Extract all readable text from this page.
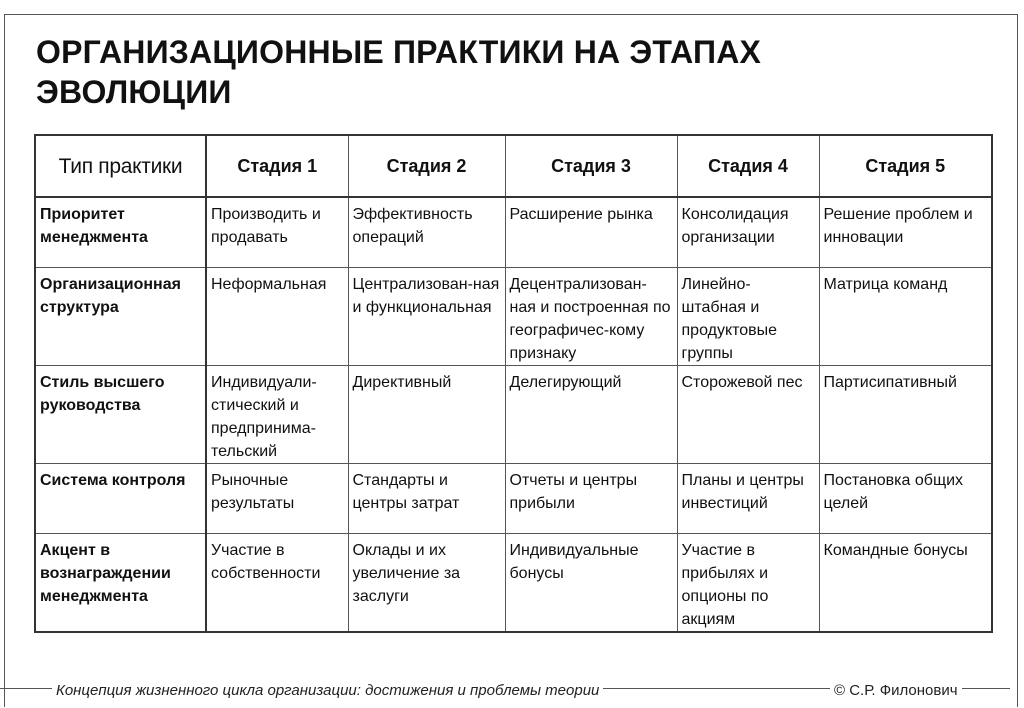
ОРГАНИЗАЦИОННЫЕ ПРАКТИКИ НА ЭТАПАХ ЭВОЛЮЦИИ
Тип практики	Стадия 1	Стадия 2	Стадия 3	Стадия 4	Стадия 5
Приоритет менеджмента	Производить и продавать	Эффективность операций	Расширение рынка	Консолидация организации	Решение проблем и инновации
Организационная структура	Неформальная	Централизован-ная и функциональная	Децентрализован-ная и построенная по географичес-кому признаку	Линейно-штабная и продуктовые группы	Матрица команд
Стиль высшего руководства	Индивидуали-стический и предпринима-тельский	Директивный	Делегирующий	Сторожевой пес	Партисипативный
Система контроля	Рыночные результаты	Стандарты и центры затрат	Отчеты и центры прибыли	Планы и центры инвестиций	Постановка общих целей
Акцент в вознаграждении менеджмента	Участие в собственности	Оклады и их увеличение за заслуги	Индивидуальные бонусы	Участие в прибылях и опционы по акциям	Командные бонусы
Концепция жизненного цикла организации: достижения и проблемы теории	© С.Р. Филонович
